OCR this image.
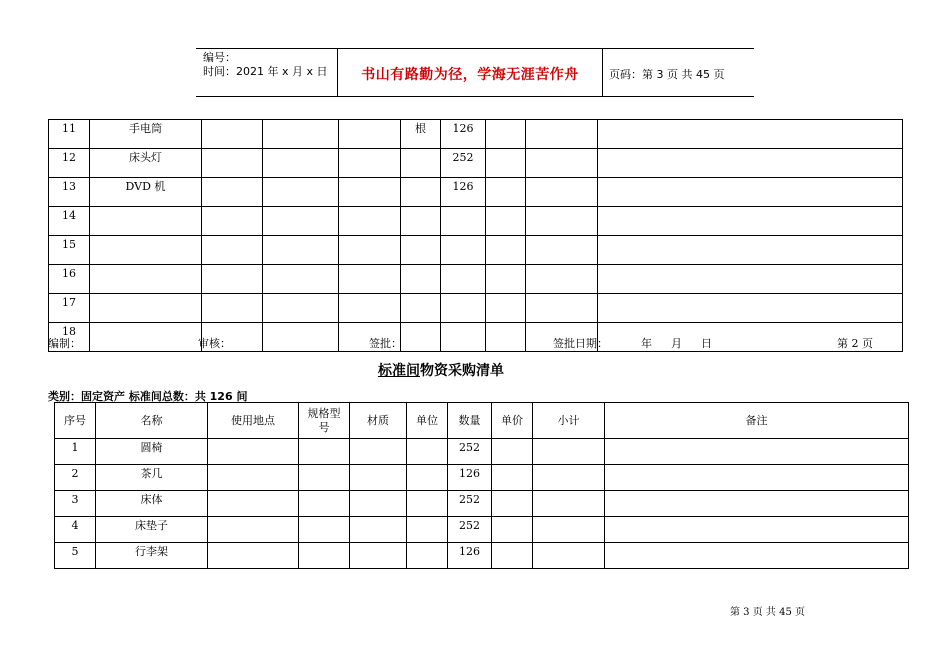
编号：
时间：2021 年 x 月 x 日	书山有路勤为径，学海无涯苦作舟	页码：第 3 页 共 45 页
11	手电筒				根	126			
12	床头灯					252			
13	DVD 机					126			
14									
15									
16									
17									
18									
编制：	审核：	签批：	签批日期：	年 月 日	第 2 页
标准间物资采购清单
类别：固定资产 标准间总数：共 126 间
序号	名称	使用地点	规格型号	材质	单位	数量	单价	小计	备注
1	圆椅					252			
2	茶几					126			
3	床体					252			
4	床垫子					252			
5	行李架					126			
第 3 页 共 45 页
